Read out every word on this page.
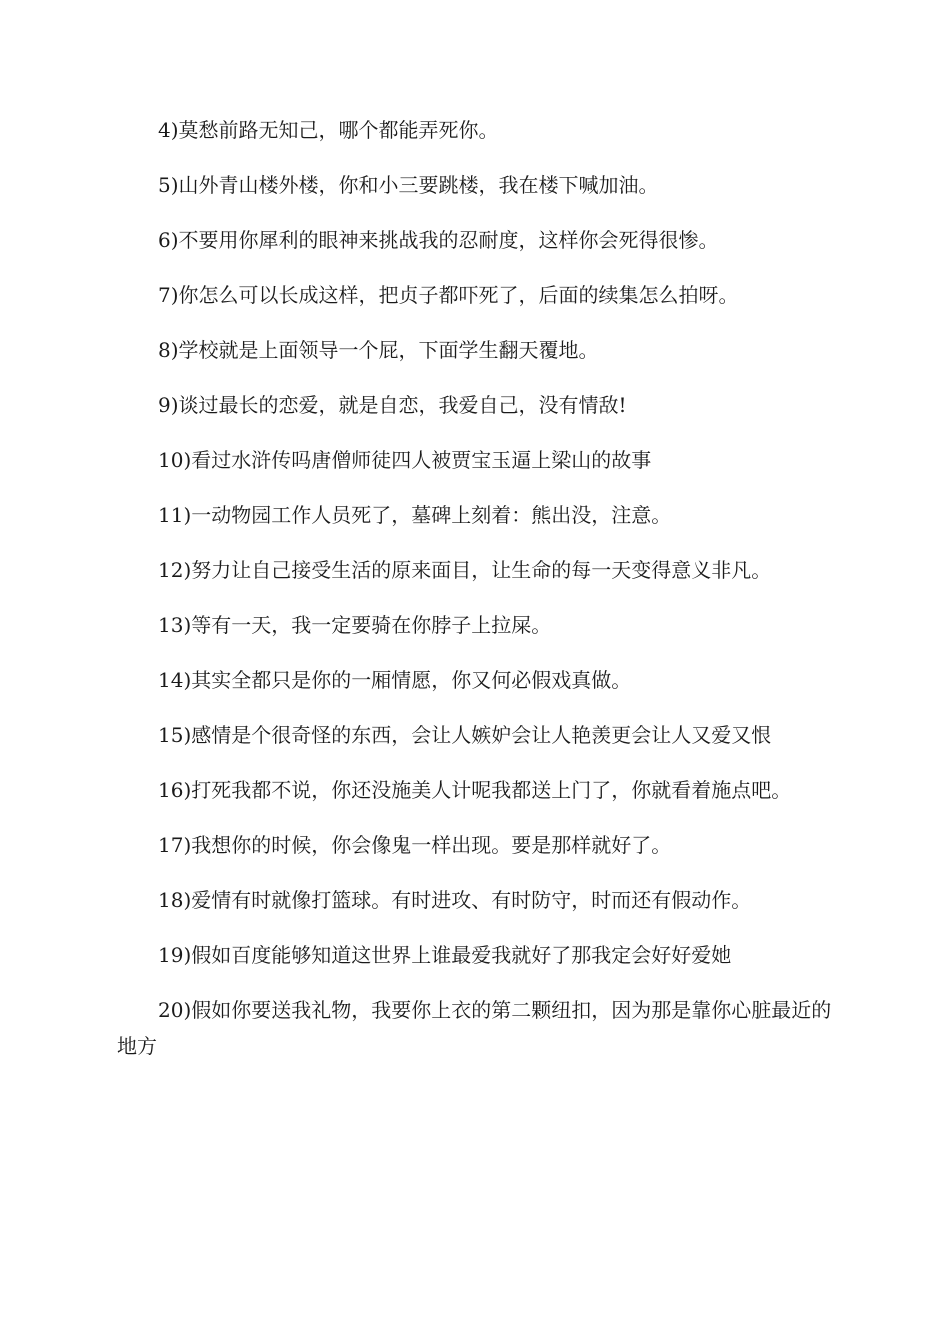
4)莫愁前路无知己，哪个都能弄死你。

5)山外青山楼外楼，你和小三要跳楼，我在楼下喊加油。

6)不要用你犀利的眼神来挑战我的忍耐度，这样你会死得很惨。

7)你怎么可以长成这样，把贞子都吓死了，后面的续集怎么拍呀。

8)学校就是上面领导一个屁，下面学生翻天覆地。

9)谈过最长的恋爱，就是自恋，我爱自己，没有情敌!

10)看过水浒传吗唐僧师徒四人被贾宝玉逼上梁山的故事

11)一动物园工作人员死了，墓碑上刻着：熊出没，注意。

12)努力让自己接受生活的原来面目，让生命的每一天变得意义非凡。

13)等有一天，我一定要骑在你脖子上拉屎。

14)其实全都只是你的一厢情愿，你又何必假戏真做。

15)感情是个很奇怪的东西，会让人嫉妒会让人艳羡更会让人又爱又恨

16)打死我都不说，你还没施美人计呢我都送上门了，你就看着施点吧。

17)我想你的时候，你会像鬼一样出现。要是那样就好了。

18)爱情有时就像打篮球。有时进攻、有时防守，时而还有假动作。

19)假如百度能够知道这世界上谁最爱我就好了那我定会好好爱她

20)假如你要送我礼物，我要你上衣的第二颗纽扣，因为那是靠你心脏最近的地方
